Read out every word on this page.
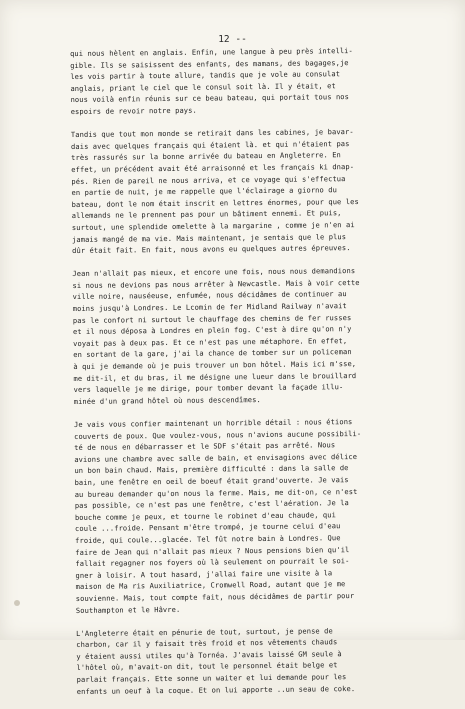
12 --

qui nous hèlent en anglais. Enfin, une langue à peu près intelli-
gible. Ils se saisissent des enfants, des mamans, des bagages,je
les vois partir à toute allure, tandis que je vole au consulat
anglais, priant le ciel que le consul soit là. Il y était, et
nous voilà enfin réunis sur ce beau bateau, qui portait tous nos
espoirs de revoir notre pays.

Tandis que tout mon monde se retirait dans les cabines, je bavar-
dais avec quelques français qui étaient là. et qui n'étaient pas
très rassurés sur la bonne arrivée du bateau en Angleterre. En
effet, un précédent avait été arraisonné et les français ki dnap-
pés. Rien de pareil ne nous arriva, et ce voyage qui s'effectua
en partie de nuit, je me rappelle que l'éclairage a giorno du
bateau, dont le nom était inscrit en lettres énormes, pour que les
allemands ne le prennent pas pour un bâtiment ennemi. Et puis,
surtout, une splendide omelette à la margarine , comme je n'en ai
jamais mangé de ma vie. Mais maintenant, je sentais que le plus
dûr était fait. En fait, nous avons eu quelques autres épreuves.

Jean n'allait pas mieux, et encore une fois, nous nous demandions
si nous ne devions pas nous arrêter à Newcastle. Mais à voir cette
ville noire, nauséeuse, enfumée, nous décidâmes de continuer au
moins jusqu'à Londres. Le Lcomin de fer Midland Railway n'avait
pas le confort ni surtout le chauffage des chemins de fer russes
et il nous déposa à Londres en plein fog. C'est à dire qu'on n'y
voyait pas à deux pas. Et ce n'est pas une métaphore. En effet,
en sortant de la gare, j'ai la chance de tomber sur un policeman
à qui je demande où je puis trouver un bon hôtel. Mais ici m'sse,
me dit-il, et du bras, il me désigne une lueur dans le brouillard
vers laquelle je me dirige, pour tomber devant la façade illu-
minée d'un grand hôtel où nous descendîmes.

Je vais vous confier maintenant un horrible détail : nous étions
couverts de poux. Que voulez-vous, nous n'avions aucune possibili-
té de nous en débarrasser et le SDF s'était pas arrêté. Nous
avions une chambre avec salle de bain, et envisagions avec délice
un bon bain chaud. Mais, première difficulté : dans la salle de
bain, une fenêtre en oeil de boeuf était grand'ouverte. Je vais
au bureau demander qu'on nous la ferme. Mais, me dit-on, ce n'est
pas possible, ce n'est pas une fenêtre, c'est l'aération. Je la
bouche comme je peux, et tourne le robinet d'eau chaude, qui
coule ...froide. Pensant m'être trompé, je tourne celui d'eau
froide, qui coule...glacée. Tel fût notre bain à Londres. Que
faire de Jean qui n'allait pas mieux ? Nous pensions bien qu'il
fallait regagner nos foyers où là seulement on pourrait le soi-
gner à loisir. A tout hasard, j'allai faire une visite à la
maison de Ma ris Auxiliatrice, Cromwell Road, autant que je me
souvienne. Mais, tout compte fait, nous décidâmes de partir pour
Southampton et le Hâvre.

L'Angleterre était en pénurie de tout, surtout, je pense de
charbon, car il y faisait très froid et nos vêtements chauds
y étaient aussi utiles qu'à Tornéa. J'avais laissé GM seule à
l'hôtel où, m'avait-on dit, tout le personnel était belge et
parlait français. Ette sonne un waiter et lui demande pour les
enfants un oeuf à la coque. Et on lui apporte ..un seau de coke.
